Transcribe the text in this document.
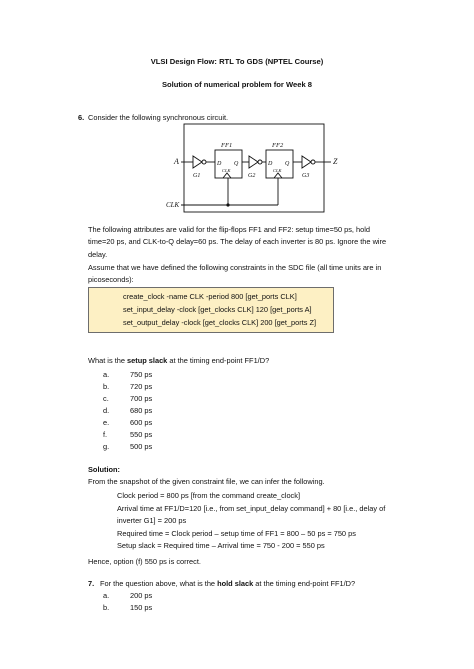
VLSI Design Flow: RTL To GDS (NPTEL Course)
Solution of numerical problem for Week 8
6. Consider the following synchronous circuit.
A	Z
CLK
FF1	FF2
D Q	D Q
CLK	CLK
G1	G2	G3
The following attributes are valid for the flip-flops FF1 and FF2: setup time=50 ps, hold
time=20 ps, and CLK-to-Q delay=60 ps. The delay of each inverter is 80 ps. Ignore the wire
delay.
Assume that we have defined the following constraints in the SDC file (all time units are in
picoseconds):
create_clock -name CLK -period 800 [get_ports CLK]
set_input_delay -clock [get_clocks CLK] 120 [get_ports A]
set_output_delay -clock [get_clocks CLK] 200 [get_ports Z]
What is the setup slack at the timing end-point FF1/D?
a.	750 ps
b.	720 ps
c.	700 ps
d.	680 ps
e.	600 ps
f.	550 ps
g.	500 ps
Solution:
From the snapshot of the given constraint file, we can infer the following.
Clock period = 800 ps [from the command create_clock]
Arrival time at FF1/D=120 [i.e., from set_input_delay command] + 80 [i.e., delay of
inverter G1] = 200 ps
Required time = Clock period – setup time of FF1 = 800 – 50 ps = 750 ps
Setup slack = Required time – Arrival time = 750 - 200 = 550 ps
Hence, option (f) 550 ps is correct.
7. For the question above, what is the hold slack at the timing end-point FF1/D?
a.	200 ps
b.	150 ps
